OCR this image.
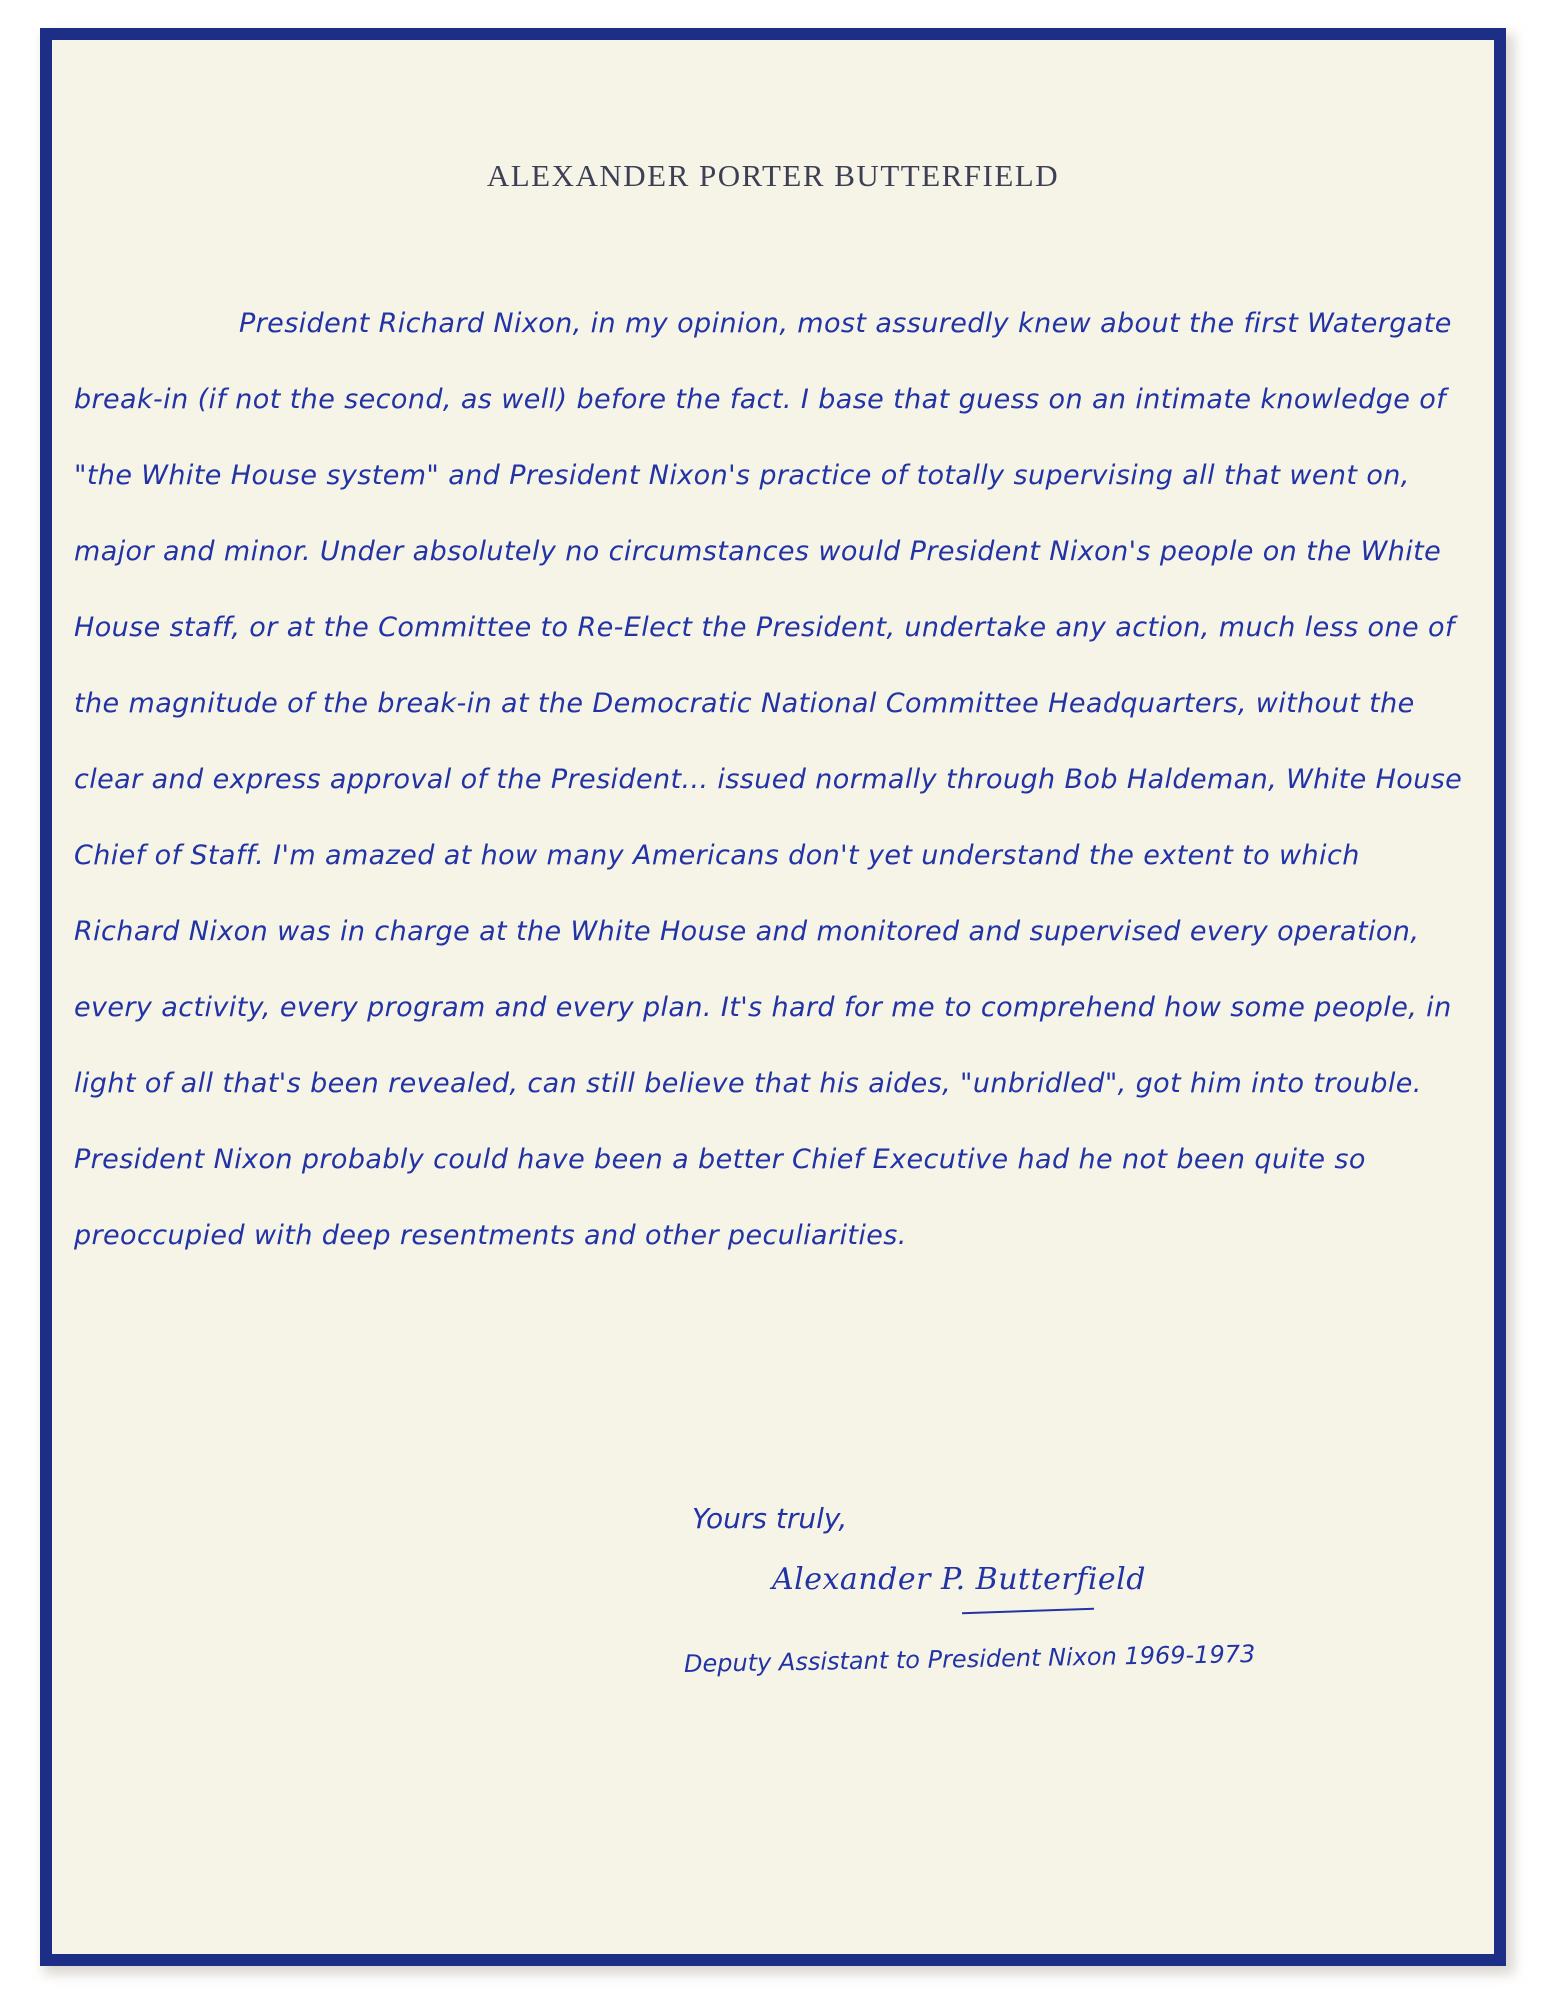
ALEXANDER PORTER BUTTERFIELD
President Richard Nixon, in my opinion, most assuredly knew about the first Watergate break-in (if not the second, as well) before the fact. I base that guess on an intimate knowledge of "the White House system" and President Nixon's practice of totally supervising all that went on, major and minor. Under absolutely no circumstances would President Nixon's people on the White House staff, or at the Committee to Re-Elect the President, undertake any action, much less one of the magnitude of the break-in at the Democratic National Committee Headquarters, without the clear and express approval of the President... issued normally through Bob Haldeman, White House Chief of Staff. I'm amazed at how many Americans don't yet understand the extent to which Richard Nixon was in charge at the White House and monitored and supervised every operation, every activity, every program and every plan. It's hard for me to comprehend how some people, in light of all that's been revealed, can still believe that his aides, "unbridled", got him into trouble. President Nixon probably could have been a better Chief Executive had he not been quite so preoccupied with deep resentments and other peculiarities.
Yours truly,
Alexander P. Butterfield
Deputy Assistant to President Nixon 1969-1973
